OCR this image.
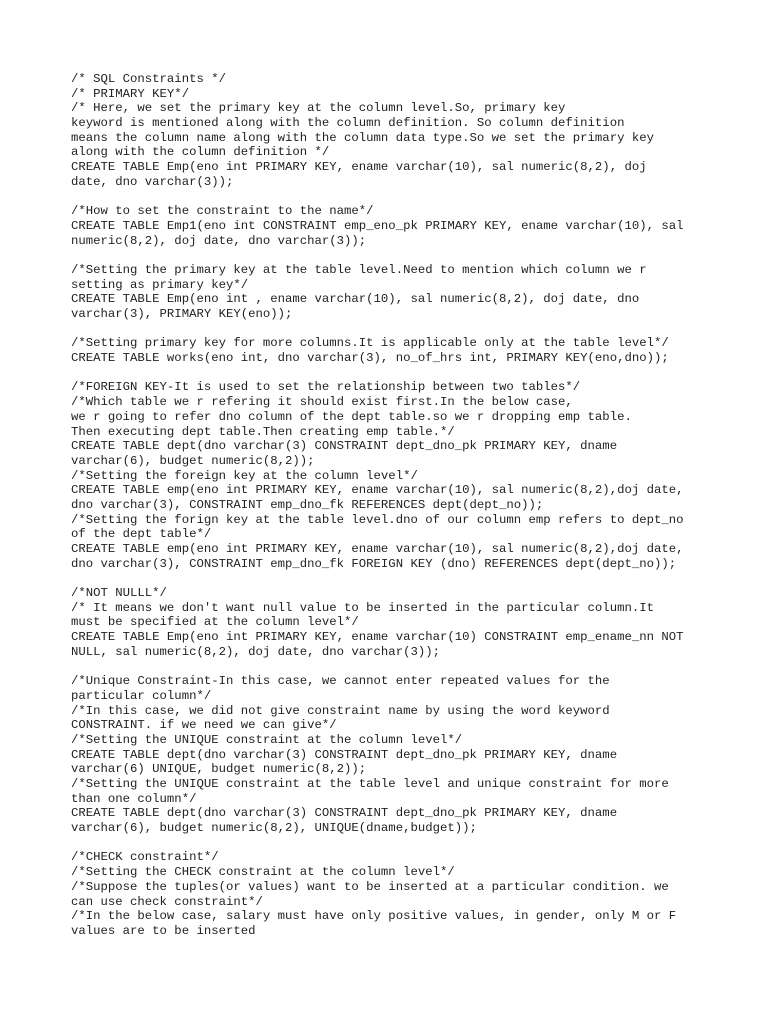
/* SQL Constraints */
/* PRIMARY KEY*/
/* Here, we set the primary key at the column level.So, primary key
keyword is mentioned along with the column definition. So column definition
means the column name along with the column data type.So we set the primary key
along with the column definition */
CREATE TABLE Emp(eno int PRIMARY KEY, ename varchar(10), sal numeric(8,2), doj
date, dno varchar(3));
/*How to set the constraint to the name*/
CREATE TABLE Emp1(eno int CONSTRAINT emp_eno_pk PRIMARY KEY, ename varchar(10), sal
numeric(8,2), doj date, dno varchar(3));
/*Setting the primary key at the table level.Need to mention which column we r
setting as primary key*/
CREATE TABLE Emp(eno int , ename varchar(10), sal numeric(8,2), doj date, dno
varchar(3), PRIMARY KEY(eno));
/*Setting primary key for more columns.It is applicable only at the table level*/
CREATE TABLE works(eno int, dno varchar(3), no_of_hrs int, PRIMARY KEY(eno,dno));
/*FOREIGN KEY-It is used to set the relationship between two tables*/
/*Which table we r refering it should exist first.In the below case,
we r going to refer dno column of the dept table.so we r dropping emp table.
Then executing dept table.Then creating emp table.*/
CREATE TABLE dept(dno varchar(3) CONSTRAINT dept_dno_pk PRIMARY KEY, dname
varchar(6), budget numeric(8,2));
/*Setting the foreign key at the column level*/
CREATE TABLE emp(eno int PRIMARY KEY, ename varchar(10), sal numeric(8,2),doj date,
dno varchar(3), CONSTRAINT emp_dno_fk REFERENCES dept(dept_no));
/*Setting the forign key at the table level.dno of our column emp refers to dept_no
of the dept table*/
CREATE TABLE emp(eno int PRIMARY KEY, ename varchar(10), sal numeric(8,2),doj date,
dno varchar(3), CONSTRAINT emp_dno_fk FOREIGN KEY (dno) REFERENCES dept(dept_no));
/*NOT NULLL*/
/* It means we don't want null value to be inserted in the particular column.It
must be specified at the column level*/
CREATE TABLE Emp(eno int PRIMARY KEY, ename varchar(10) CONSTRAINT emp_ename_nn NOT
NULL, sal numeric(8,2), doj date, dno varchar(3));
/*Unique Constraint-In this case, we cannot enter repeated values for the
particular column*/
/*In this case, we did not give constraint name by using the word keyword
CONSTRAINT. if we need we can give*/
/*Setting the UNIQUE constraint at the column level*/
CREATE TABLE dept(dno varchar(3) CONSTRAINT dept_dno_pk PRIMARY KEY, dname
varchar(6) UNIQUE, budget numeric(8,2));
/*Setting the UNIQUE constraint at the table level and unique constraint for more
than one column*/
CREATE TABLE dept(dno varchar(3) CONSTRAINT dept_dno_pk PRIMARY KEY, dname
varchar(6), budget numeric(8,2), UNIQUE(dname,budget));
/*CHECK constraint*/
/*Setting the CHECK constraint at the column level*/
/*Suppose the tuples(or values) want to be inserted at a particular condition. we
can use check constraint*/
/*In the below case, salary must have only positive values, in gender, only M or F
values are to be inserted
